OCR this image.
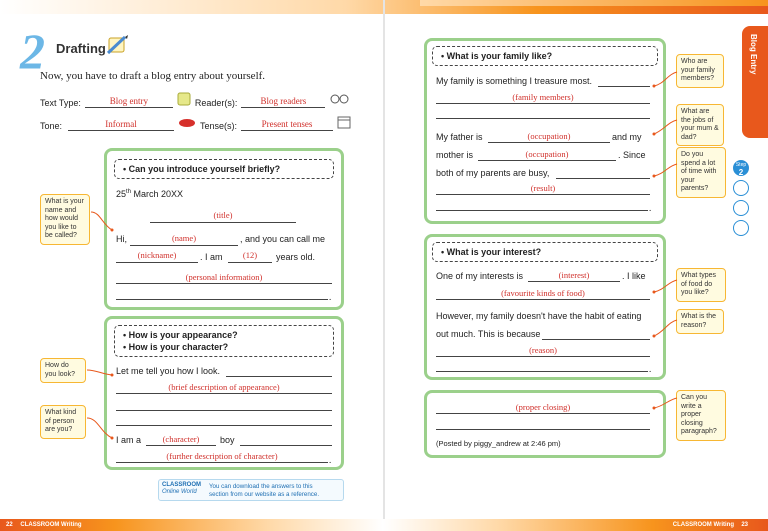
2 Drafting
Now, you have to draft a blog entry about yourself.
Text Type:	Blog entry	Reader(s):	Blog readers
Tone:	Informal	Tense(s):	Present tenses
• Can you introduce yourself briefly?
25th March 20XX
(title)
Hi,	(name)	, and you can call me
(nickname)	. I am	(12)	years old.
(personal information)
.
• How is your appearance?
• How is your character?
Let me tell you how I look.
(brief description of appearance)
I am a	(character)	boy
(further description of character)	.
What is your name and how would you like to be called?
How do you look?
What kind of person are you?
CLASSROOM
Online World
You can download the answers to this
section from our website as a reference.
22 CLASSROOM Writing
Blog Entry
Step
2
• What is your family like?
My family is something I treasure most.
(family members)
My father is	(occupation)	and my
mother is	(occupation)	. Since
both of my parents are busy,
(result)
.
• What is your interest?
One of my interests is	(interest)	. I like
(favourite kinds of food)
However, my family doesn't have the habit of eating
out much. This is because
(reason)
.
(proper closing)
(Posted by piggy_andrew at 2:46 pm)
Who are your family members?
What are the jobs of your mum & dad?
Do you spend a lot of time with your parents?
What types of food do you like?
What is the reason?
Can you write a proper closing paragraph?
CLASSROOM Writing	23
